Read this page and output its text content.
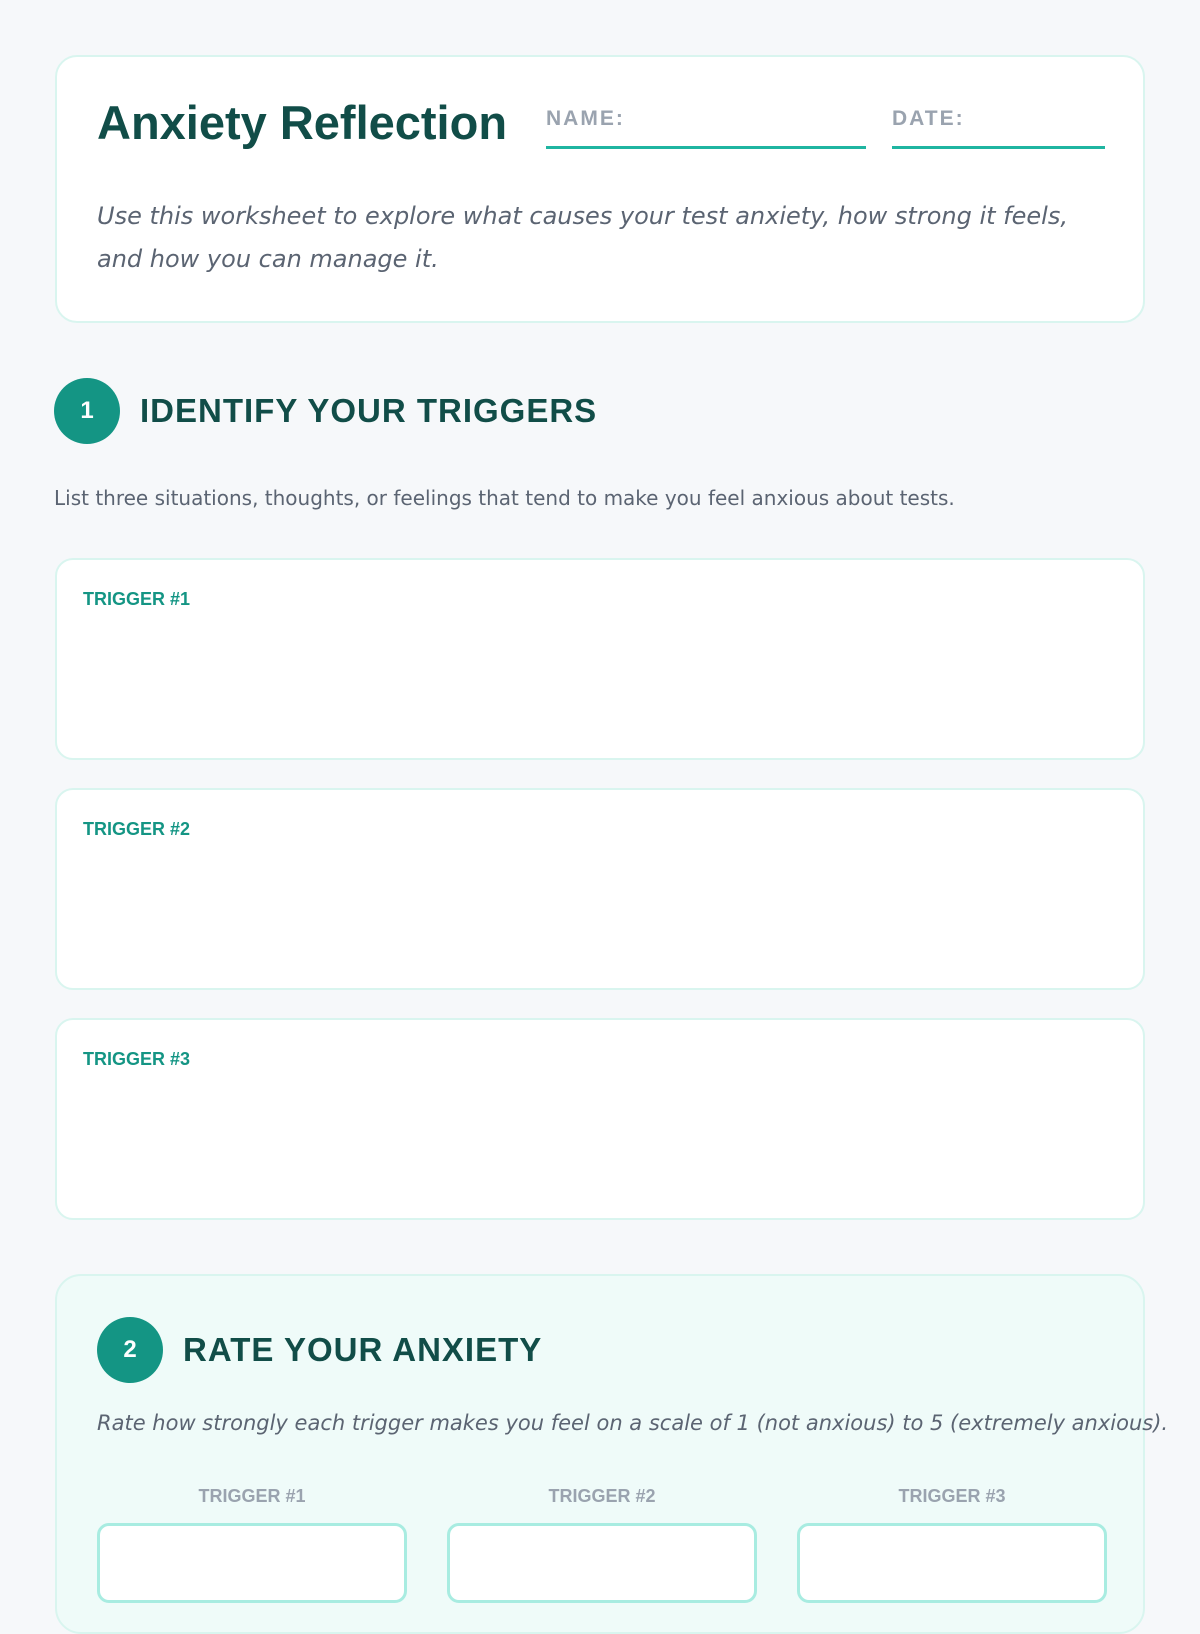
Anxiety Reflection NAME:	DATE:
Use this worksheet to explore what causes your test anxiety, how strong it feels, and how you can manage it.
1	IDENTIFY YOUR TRIGGERS
List three situations, thoughts, or feelings that tend to make you feel anxious about tests.
TRIGGER #1
TRIGGER #2
TRIGGER #3
2	RATE YOUR ANXIETY
Rate how strongly each trigger makes you feel on a scale of 1 (not anxious) to 5 (extremely anxious).
TRIGGER #1	TRIGGER #2	TRIGGER #3
